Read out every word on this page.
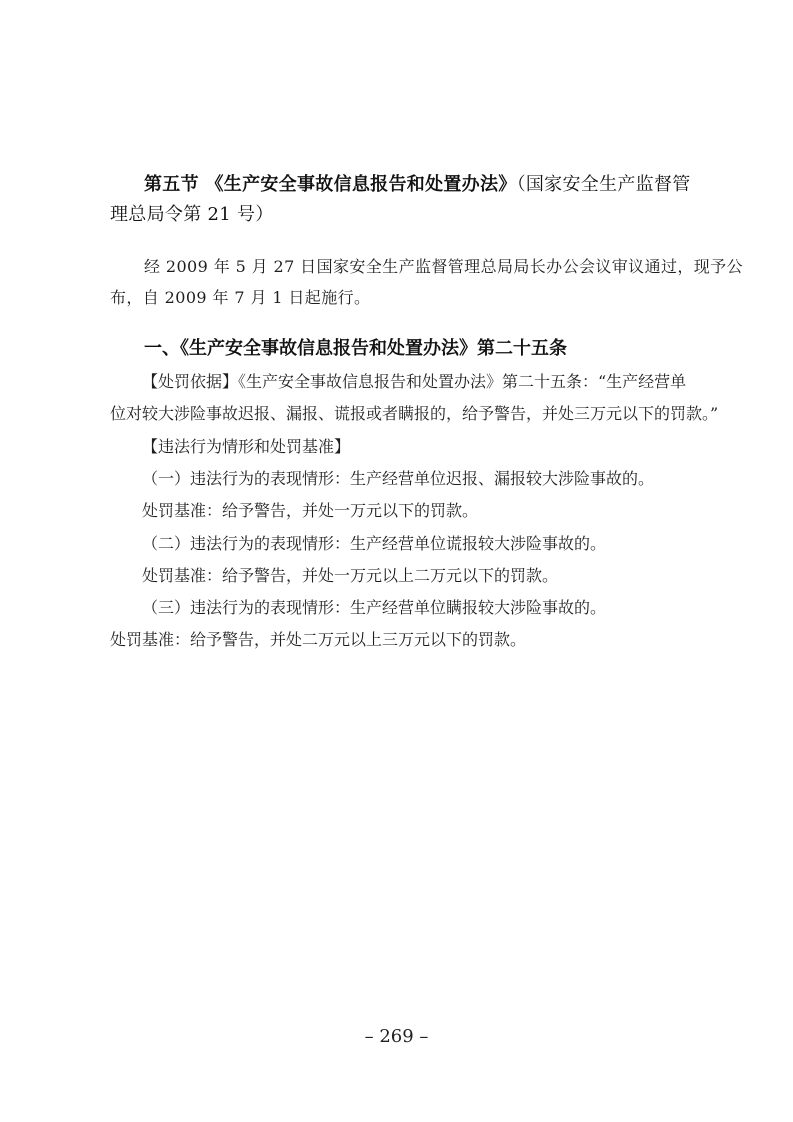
第五节 《生产安全事故信息报告和处置办法》（国家安全生产监督管
理总局令第 21 号）
经 2009 年 5 月 27 日国家安全生产监督管理总局局长办公会议审议通过，现予公
布，自 2009 年 7 月 1 日起施行。
一、《生产安全事故信息报告和处置办法》第二十五条
【处罚依据】《生产安全事故信息报告和处置办法》第二十五条：“生产经营单
位对较大涉险事故迟报、漏报、谎报或者瞒报的，给予警告，并处三万元以下的罚款。”
【违法行为情形和处罚基准】
（一）违法行为的表现情形：生产经营单位迟报、漏报较大涉险事故的。
处罚基准：给予警告，并处一万元以下的罚款。
（二）违法行为的表现情形：生产经营单位谎报较大涉险事故的。
处罚基准：给予警告，并处一万元以上二万元以下的罚款。
（三）违法行为的表现情形：生产经营单位瞒报较大涉险事故的。
处罚基准：给予警告，并处二万元以上三万元以下的罚款。
– 269 –
